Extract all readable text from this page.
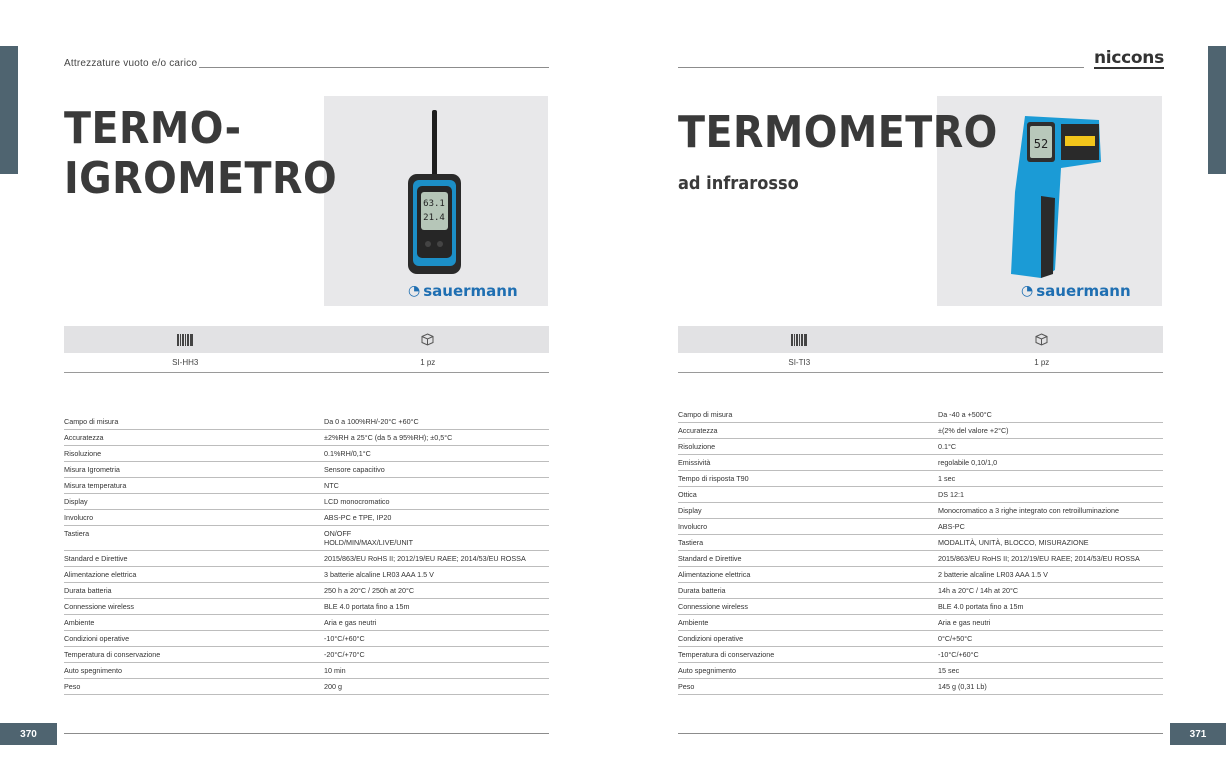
Attrezzature vuoto e/o carico
63.1
21.4
◔ sauermann
TERMO-
IGROMETRO
SI-HH3	1 pz
Campo di misura	Da 0 a 100%RH/-20°C +60°C

Accuratezza	±2%RH a 25°C (da 5 a 95%RH); ±0,5°C

Risoluzione	0.1%RH/0,1°C

Misura Igrometria	Sensore capacitivo

Misura temperatura	NTC

Display	LCD monocromatico

Involucro	ABS-PC e TPE, IP20

Tastiera	ON/OFF
HOLD/MIN/MAX/LIVE/UNIT

Standard e Direttive	2015/863/EU RoHS II; 2012/19/EU RAEE; 2014/53/EU ROSSA

Alimentazione elettrica	3 batterie alcaline LR03 AAA 1.5 V

Durata batteria	250 h a 20°C / 250h at 20°C

Connessione wireless	BLE 4.0 portata fino a 15m

Ambiente	Aria e gas neutri

Condizioni operative	-10°C/+60°C

Temperatura di conservazione	-20°C/+70°C

Auto spegnimento	10 min

Peso	200 g
370
niccons
52
◔ sauermann
TERMOMETRO
ad infrarosso
SI-TI3	1 pz
Campo di misura	Da -40 a +500°C

Accuratezza	±(2% del valore +2°C)

Risoluzione	0.1°C

Emissività	regolabile 0,10/1,0

Tempo di risposta T90	1 sec

Ottica	DS 12:1

Display	Monocromatico a 3 righe integrato con retroilluminazione

Involucro	ABS-PC

Tastiera	MODALITÀ, UNITÀ, BLOCCO, MISURAZIONE

Standard e Direttive	2015/863/EU RoHS II; 2012/19/EU RAEE; 2014/53/EU ROSSA

Alimentazione elettrica	2 batterie alcaline LR03 AAA 1.5 V

Durata batteria	14h a 20°C / 14h at 20°C

Connessione wireless	BLE 4.0 portata fino a 15m

Ambiente	Aria e gas neutri

Condizioni operative	0°C/+50°C

Temperatura di conservazione	-10°C/+60°C

Auto spegnimento	15 sec

Peso	145 g (0,31 Lb)
371
